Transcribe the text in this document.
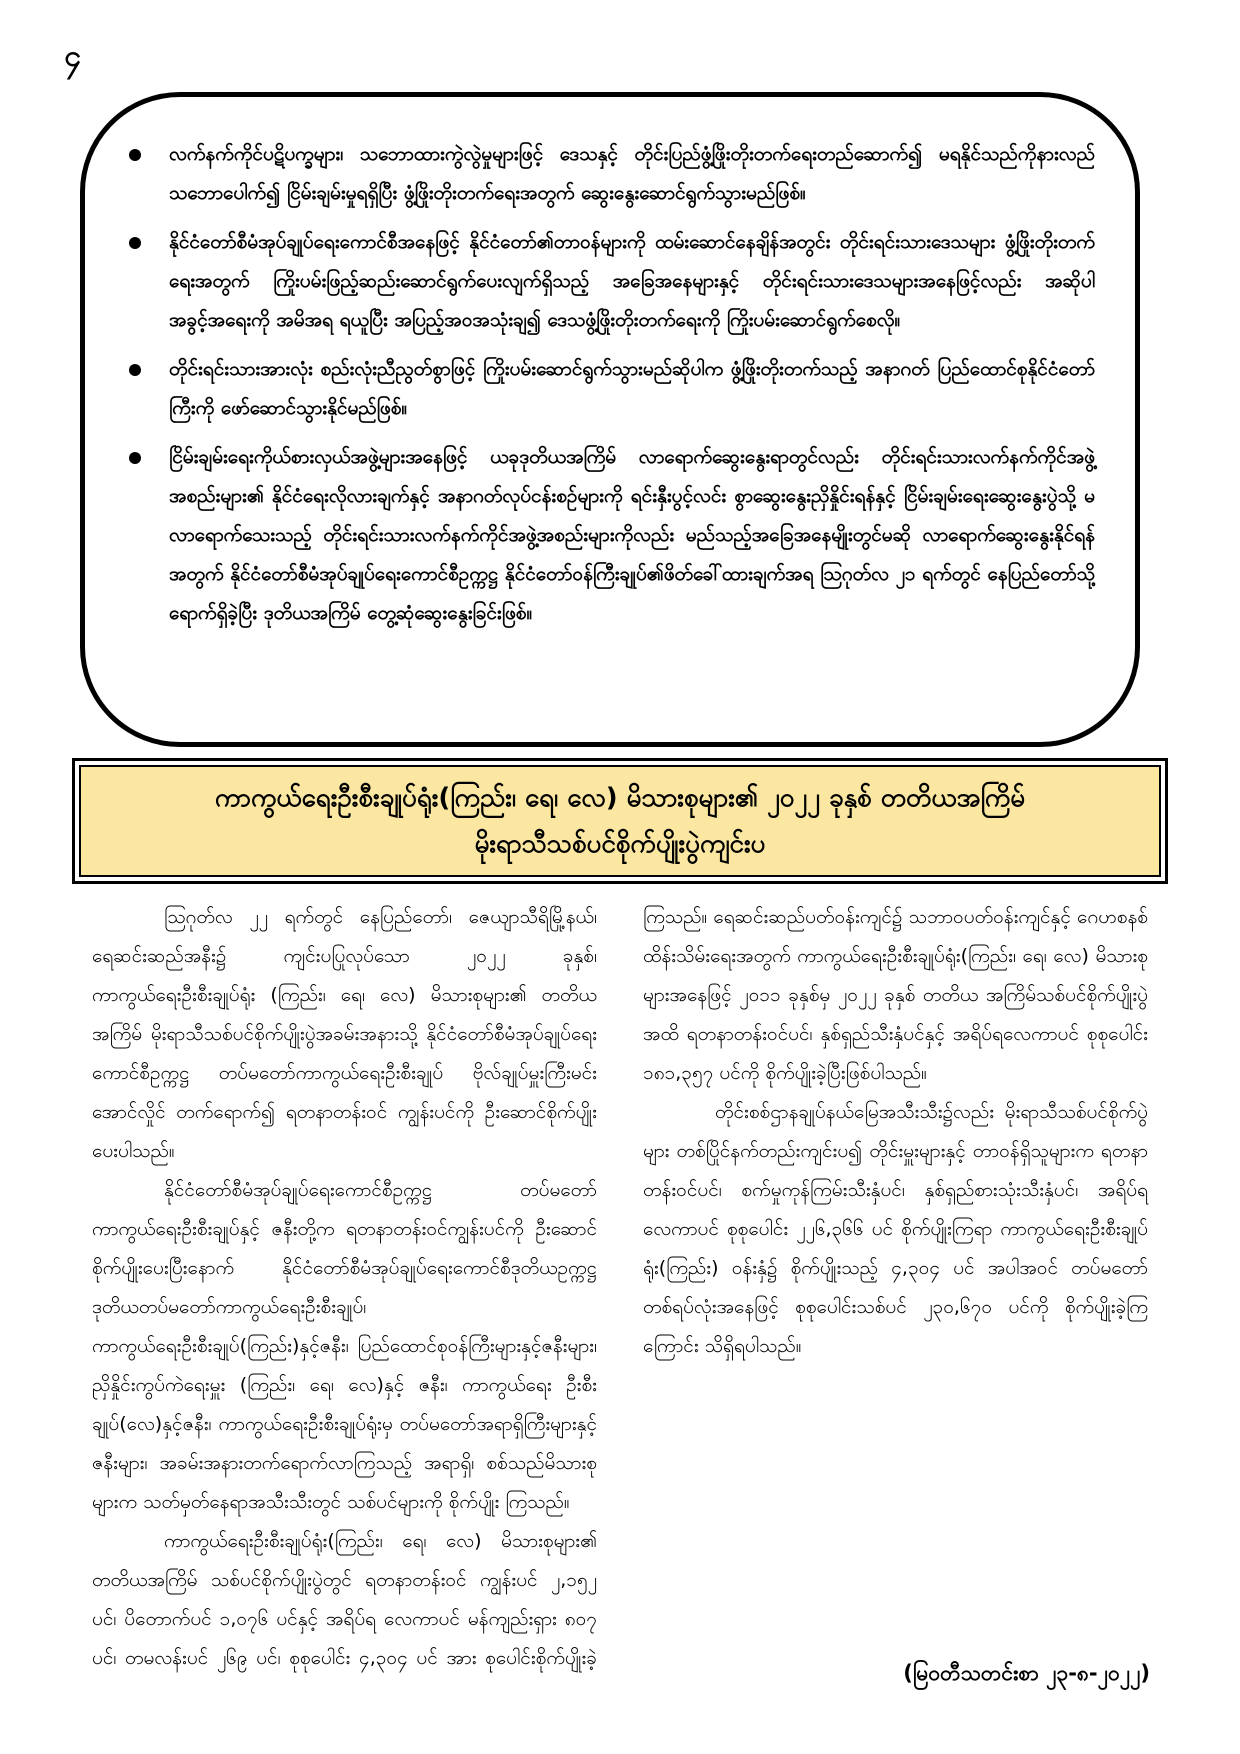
၄
လက်နက်ကိုင်ပဋိပက္ခများ၊ သဘောထားကွဲလွဲမှုများဖြင့် ဒေသနှင့် တိုင်းပြည်ဖွံ့ဖြိုးတိုးတက်ရေးတည်ဆောက်၍ မရနိုင်သည်ကိုနားလည်သဘောပေါက်၍ ငြိမ်းချမ်းမှုရရှိပြီး ဖွံ့ဖြိုးတိုးတက်ရေးအတွက် ဆွေးနွေးဆောင်ရွက်သွားမည်ဖြစ်။
နိုင်ငံတော်စီမံအုပ်ချုပ်ရေးကောင်စီအနေဖြင့် နိုင်ငံတော်၏တာဝန်များကို ထမ်းဆောင်နေချိန်အတွင်း တိုင်းရင်းသားဒေသများ ဖွံ့ဖြိုးတိုးတက်ရေးအတွက် ကြိုးပမ်းဖြည့်ဆည်းဆောင်ရွက်ပေးလျက်ရှိသည့် အခြေအနေများနှင့် တိုင်းရင်းသားဒေသများအနေဖြင့်လည်း အဆိုပါအခွင့်အရေးကို အမိအရ ရယူပြီး အပြည့်အဝအသုံးချ၍ ဒေသဖွံ့ဖြိုးတိုးတက်ရေးကို ကြိုးပမ်းဆောင်ရွက်စေလို။
တိုင်းရင်းသားအားလုံး စည်းလုံးညီညွတ်စွာဖြင့် ကြိုးပမ်းဆောင်ရွက်သွားမည်ဆိုပါက ဖွံ့ဖြိုးတိုးတက်သည့် အနာဂတ် ပြည်ထောင်စုနိုင်ငံတော်ကြီးကို ဖော်ဆောင်သွားနိုင်မည်ဖြစ်။
ငြိမ်းချမ်းရေးကိုယ်စားလှယ်အဖွဲ့များအနေဖြင့် ယခုဒုတိယအကြိမ် လာရောက်ဆွေးနွေးရာတွင်လည်း တိုင်းရင်းသားလက်နက်ကိုင်အဖွဲ့အစည်းများ၏ နိုင်ငံရေးလိုလားချက်နှင့် အနာဂတ်လုပ်ငန်းစဉ်များကို ရင်းနှီးပွင့်လင်း စွာဆွေးနွေးညှိနှိုင်းရန်နှင့် ငြိမ်းချမ်းရေးဆွေးနွေးပွဲသို့ မလာရောက်သေးသည့် တိုင်းရင်းသားလက်နက်ကိုင်အဖွဲ့အစည်းများကိုလည်း မည်သည့်အခြေအနေမျိုးတွင်မဆို လာရောက်ဆွေးနွေးနိုင်ရန်အတွက် နိုင်ငံတော်စီမံအုပ်ချုပ်ရေးကောင်စီဥက္ကဋ္ဌ နိုင်ငံတော်ဝန်ကြီးချုပ်၏ဖိတ်ခေါ်ထားချက်အရ ဩဂုတ်လ ၂၁ ရက်တွင် နေပြည်တော်သို့ ရောက်ရှိခဲ့ပြီး ဒုတိယအကြိမ် တွေ့ဆုံဆွေးနွေးခြင်းဖြစ်။
ကာကွယ်ရေးဦးစီးချုပ်ရုံး(ကြည်း၊ ရေ၊ လေ) မိသားစုများ၏ ၂၀၂၂ ခုနှစ် တတိယအကြိမ်
မိုးရာသီသစ်ပင်စိုက်ပျိုးပွဲကျင်းပ

ဩဂုတ်လ ၂၂ ရက်တွင် နေပြည်တော်၊ ဇေယျာသီရိမြို့နယ်၊ ရေဆင်းဆည်အနီး၌ ကျင်းပပြုလုပ်သော ၂၀၂၂ ခုနှစ်၊ ကာကွယ်ရေးဦးစီးချုပ်ရုံး (ကြည်း၊ ရေ၊ လေ) မိသားစုများ၏ တတိယအကြိမ် မိုးရာသီသစ်ပင်စိုက်ပျိုးပွဲအခမ်းအနားသို့ နိုင်ငံတော်စီမံအုပ်ချုပ်ရေးကောင်စီဥက္ကဋ္ဌ တပ်မတော်ကာကွယ်ရေးဦးစီးချုပ် ဗိုလ်ချုပ်မှူးကြီးမင်းအောင်လှိုင် တက်ရောက်၍ ရတနာတန်းဝင် ကျွန်းပင်ကို ဦးဆောင်စိုက်ပျိုးပေးပါသည်။

နိုင်ငံတော်စီမံအုပ်ချုပ်ရေးကောင်စီဥက္ကဋ္ဌ တပ်မတော်ကာကွယ်ရေးဦးစီးချုပ်နှင့် ဇနီးတို့က ရတနာတန်းဝင်ကျွန်းပင်ကို ဦးဆောင်စိုက်ပျိုးပေးပြီးနောက် နိုင်ငံတော်စီမံအုပ်ချုပ်ရေးကောင်စီဒုတိယဥက္ကဋ္ဌ ဒုတိယတပ်မတော်ကာကွယ်ရေးဦးစီးချုပ်၊ ကာကွယ်ရေးဦးစီးချုပ်(ကြည်း)နှင့်ဇနီး၊ ပြည်ထောင်စုဝန်ကြီးများနှင့်ဇနီးများ၊ ညှိနှိုင်းကွပ်ကဲရေးမှူး (ကြည်း၊ ရေ၊ လေ)နှင့် ဇနီး၊ ကာကွယ်ရေး ဦးစီးချုပ်(လေ)နှင့်ဇနီး၊ ကာကွယ်ရေးဦးစီးချုပ်ရုံးမှ တပ်မတော်အရာရှိကြီးများနှင့်ဇနီးများ၊ အခမ်းအနားတက်ရောက်လာကြသည့် အရာရှိ၊ စစ်သည်မိသားစုများက သတ်မှတ်နေရာအသီးသီးတွင် သစ်ပင်များကို စိုက်ပျိုး ကြသည်။

ကာကွယ်ရေးဦးစီးချုပ်ရုံး(ကြည်း၊ ရေ၊ လေ) မိသားစုများ၏ တတိယအကြိမ် သစ်ပင်စိုက်ပျိုးပွဲတွင် ရတနာတန်းဝင် ကျွန်းပင် ၂,၁၅၂ ပင်၊ ပိတောက်ပင် ၁,၀၇၆ ပင်နှင့် အရိပ်ရ လေကာပင် မန်ကျည်းရှား ၈၀၇ ပင်၊ တမလန်းပင် ၂၆၉ ပင်၊ စုစုပေါင်း ၄,၃၀၄ ပင် အား စုပေါင်းစိုက်ပျိုးခဲ့ကြသည်။ ရေဆင်းဆည်ပတ်ဝန်းကျင်၌ သဘာဝပတ်ဝန်းကျင်နှင့် ဂေဟစနစ်ထိန်းသိမ်းရေးအတွက် ကာကွယ်ရေးဦးစီးချုပ်ရုံး(ကြည်း၊ ရေ၊ လေ) မိသားစုများအနေဖြင့် ၂၀၁၁ ခုနှစ်မှ ၂၀၂၂ ခုနှစ် တတိယ အကြိမ်သစ်ပင်စိုက်ပျိုးပွဲအထိ ရတနာတန်းဝင်ပင်၊ နှစ်ရှည်သီးနှံပင်နှင့် အရိပ်ရလေကာပင် စုစုပေါင်း ၁၈၁,၃၅၇ ပင်ကို စိုက်ပျိုးခဲ့ပြီးဖြစ်ပါသည်။

တိုင်းစစ်ဌာနချုပ်နယ်မြေအသီးသီး၌လည်း မိုးရာသီသစ်ပင်စိုက်ပွဲများ တစ်ပြိုင်နက်တည်းကျင်းပ၍ တိုင်းမှူးများနှင့် တာဝန်ရှိသူများက ရတနာတန်းဝင်ပင်၊ စက်မှုကုန်ကြမ်းသီးနှံပင်၊ နှစ်ရှည်စားသုံးသီးနှံပင်၊ အရိပ်ရလေကာပင် စုစုပေါင်း ၂၂၆,၃၆၆ ပင် စိုက်ပျိုးကြရာ ကာကွယ်ရေးဦးစီးချုပ်ရုံး(ကြည်း) ဝန်းနှံ၌ စိုက်ပျိုးသည့် ၄,၃၀၄ ပင် အပါအဝင် တပ်မတော်တစ်ရပ်လုံးအနေဖြင့် စုစုပေါင်းသစ်ပင် ၂၃၀,၆၇၀ ပင်ကို စိုက်ပျိုးခဲ့ကြကြောင်း သိရှိရပါသည်။

(မြဝတီသတင်းစာ ၂၃-၈-၂၀၂၂)
